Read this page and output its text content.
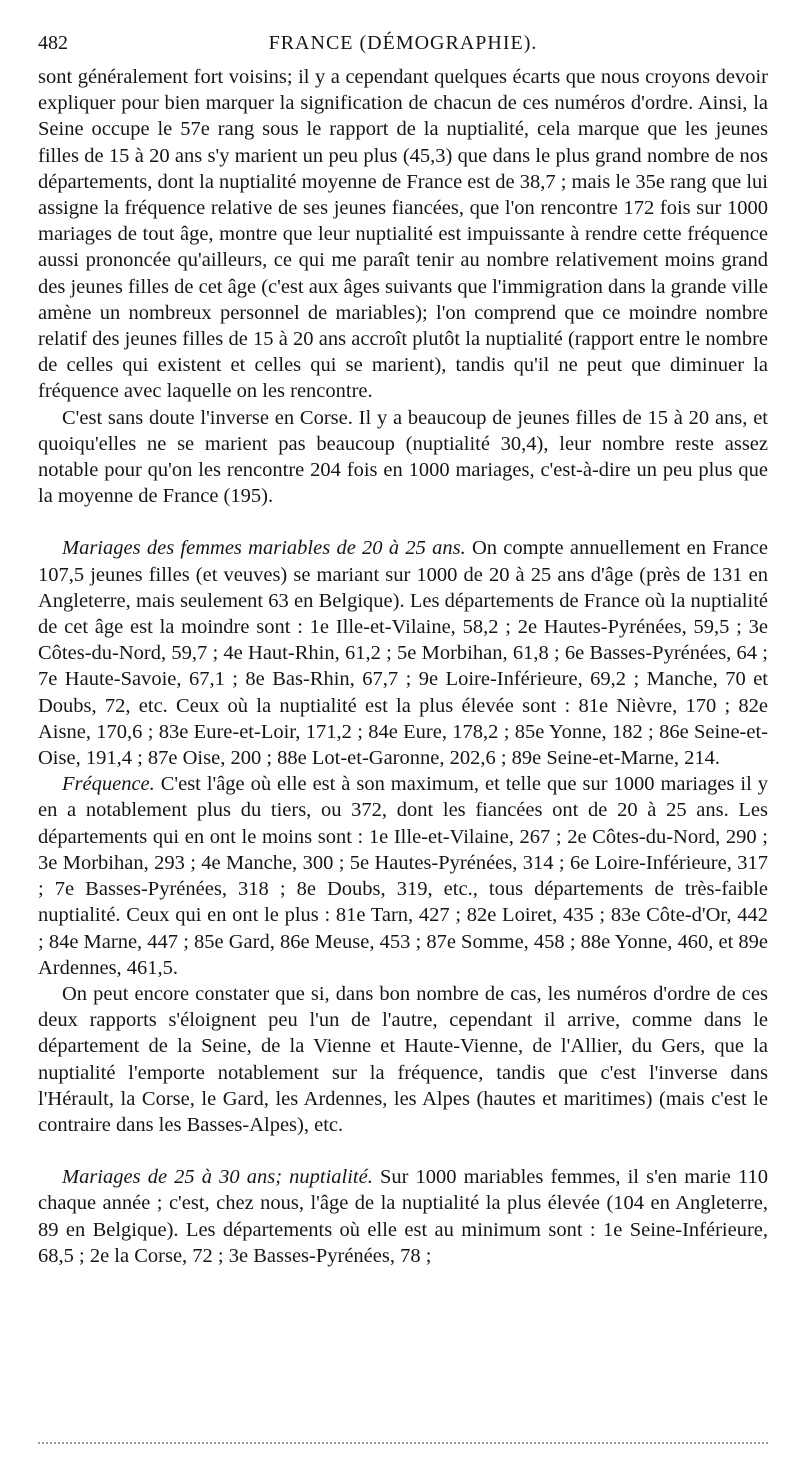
482	FRANCE (DÉMOGRAPHIE).

sont généralement fort voisins; il y a cependant quelques écarts que nous croyons devoir expliquer pour bien marquer la signification de chacun de ces numéros d'ordre. Ainsi, la Seine occupe le 57e rang sous le rapport de la nuptialité, cela marque que les jeunes filles de 15 à 20 ans s'y marient un peu plus (45,3) que dans le plus grand nombre de nos départements, dont la nuptialité moyenne de France est de 38,7 ; mais le 35e rang que lui assigne la fréquence relative de ses jeunes fiancées, que l'on rencontre 172 fois sur 1000 mariages de tout âge, montre que leur nuptialité est impuissante à rendre cette fréquence aussi prononcée qu'ailleurs, ce qui me paraît tenir au nombre relativement moins grand des jeunes filles de cet âge (c'est aux âges suivants que l'immigration dans la grande ville amène un nombreux personnel de mariables); l'on comprend que ce moindre nombre relatif des jeunes filles de 15 à 20 ans accroît plutôt la nuptialité (rapport entre le nombre de celles qui existent et celles qui se marient), tandis qu'il ne peut que diminuer la fréquence avec laquelle on les rencontre.

C'est sans doute l'inverse en Corse. Il y a beaucoup de jeunes filles de 15 à 20 ans, et quoiqu'elles ne se marient pas beaucoup (nuptialité 30,4), leur nombre reste assez notable pour qu'on les rencontre 204 fois en 1000 mariages, c'est-à-dire un peu plus que la moyenne de France (195).

Mariages des femmes mariables de 20 à 25 ans. On compte annuellement en France 107,5 jeunes filles (et veuves) se mariant sur 1000 de 20 à 25 ans d'âge (près de 131 en Angleterre, mais seulement 63 en Belgique). Les départements de France où la nuptialité de cet âge est la moindre sont : 1e Ille-et-Vilaine, 58,2 ; 2e Hautes-Pyrénées, 59,5 ; 3e Côtes-du-Nord, 59,7 ; 4e Haut-Rhin, 61,2 ; 5e Morbihan, 61,8 ; 6e Basses-Pyrénées, 64 ; 7e Haute-Savoie, 67,1 ; 8e Bas-Rhin, 67,7 ; 9e Loire-Inférieure, 69,2 ; Manche, 70 et Doubs, 72, etc. Ceux où la nuptialité est la plus élevée sont : 81e Nièvre, 170 ; 82e Aisne, 170,6 ; 83e Eure-et-Loir, 171,2 ; 84e Eure, 178,2 ; 85e Yonne, 182 ; 86e Seine-et-Oise, 191,4 ; 87e Oise, 200 ; 88e Lot-et-Garonne, 202,6 ; 89e Seine-et-Marne, 214.

Fréquence. C'est l'âge où elle est à son maximum, et telle que sur 1000 mariages il y en a notablement plus du tiers, ou 372, dont les fiancées ont de 20 à 25 ans. Les départements qui en ont le moins sont : 1e Ille-et-Vilaine, 267 ; 2e Côtes-du-Nord, 290 ; 3e Morbihan, 293 ; 4e Manche, 300 ; 5e Hautes-Pyrénées, 314 ; 6e Loire-Inférieure, 317 ; 7e Basses-Pyrénées, 318 ; 8e Doubs, 319, etc., tous départements de très-faible nuptialité. Ceux qui en ont le plus : 81e Tarn, 427 ; 82e Loiret, 435 ; 83e Côte-d'Or, 442 ; 84e Marne, 447 ; 85e Gard, 86e Meuse, 453 ; 87e Somme, 458 ; 88e Yonne, 460, et 89e Ardennes, 461,5.

On peut encore constater que si, dans bon nombre de cas, les numéros d'ordre de ces deux rapports s'éloignent peu l'un de l'autre, cependant il arrive, comme dans le département de la Seine, de la Vienne et Haute-Vienne, de l'Allier, du Gers, que la nuptialité l'emporte notablement sur la fréquence, tandis que c'est l'inverse dans l'Hérault, la Corse, le Gard, les Ardennes, les Alpes (hautes et maritimes) (mais c'est le contraire dans les Basses-Alpes), etc.

Mariages de 25 à 30 ans; nuptialité. Sur 1000 mariables femmes, il s'en marie 110 chaque année ; c'est, chez nous, l'âge de la nuptialité la plus élevée (104 en Angleterre, 89 en Belgique). Les départements où elle est au minimum sont : 1e Seine-Inférieure, 68,5 ; 2e la Corse, 72 ; 3e Basses-Pyrénées, 78 ;
